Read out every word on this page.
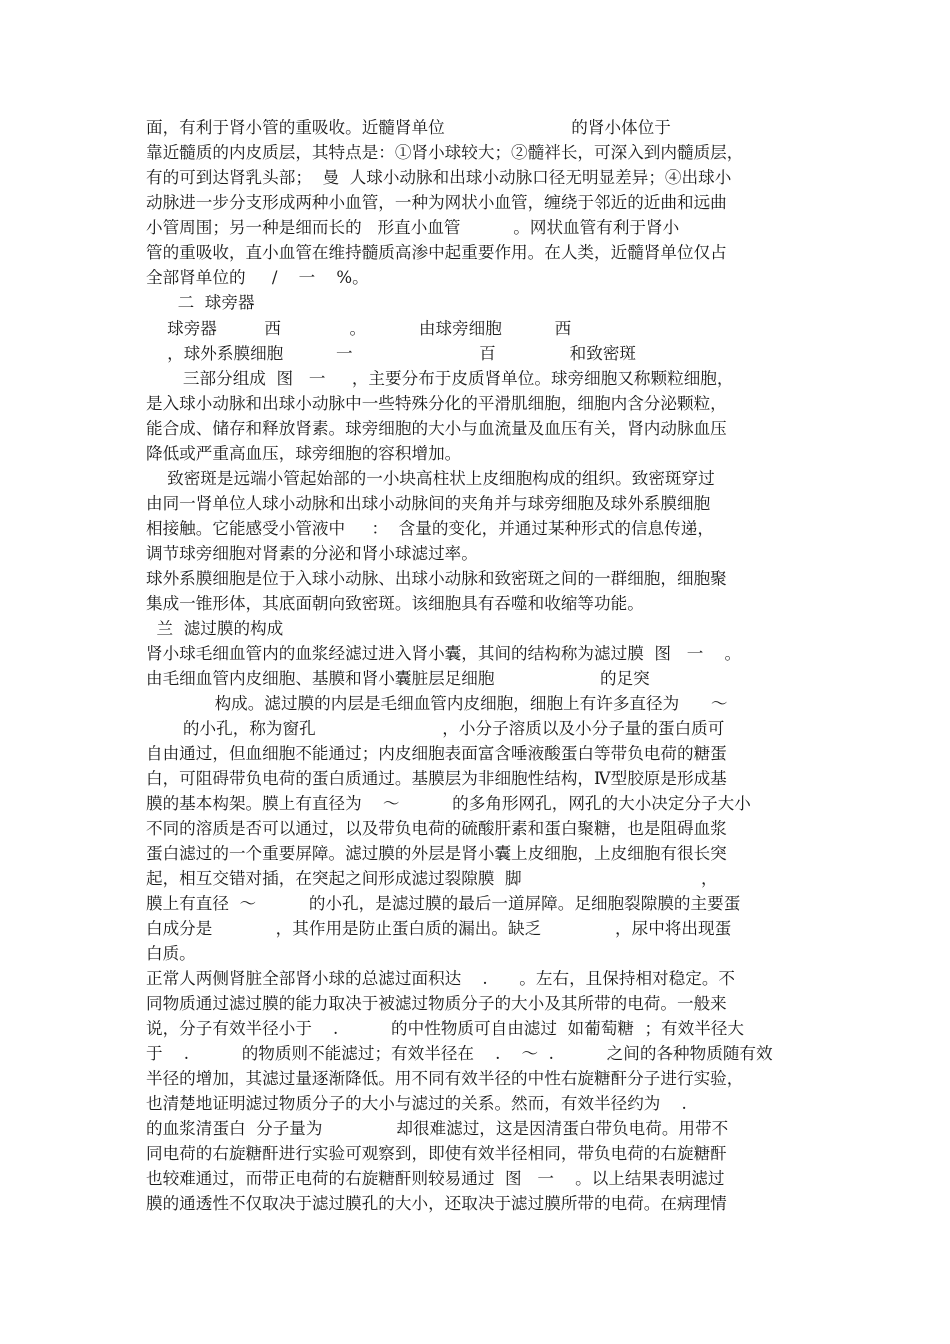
面，有利于肾小管的重吸收。近髓肾单位                        的肾小体位于
靠近髓质的内皮质层，其特点是：①肾小球较大；②髓袢长，可深入到内髓质层，
有的可到达肾乳头部；  曼  人球小动脉和出球小动脉口径无明显差异；④出球小
动脉进一步分支形成两种小血管，一种为网状小血管，缠绕于邻近的近曲和远曲
小管周围；另一种是细而长的   形直小血管          。网状血管有利于肾小
管的重吸收，直小血管在维持髓质高渗中起重要作用。在人类，近髓肾单位仅占
全部肾单位的     /    一    %。
二  球旁器
球旁器         西             。          由球旁细胞          西
，球外系膜细胞          一                        百              和致密斑
三部分组成  图   一     ，主要分布于皮质肾单位。球旁细胞又称颗粒细胞，
是入球小动脉和出球小动脉中一些特殊分化的平滑肌细胞，细胞内含分泌颗粒，
能合成、储存和释放肾素。球旁细胞的大小与血流量及血压有关，肾内动脉血压
降低或严重高血压，球旁细胞的容积增加。
致密斑是远端小管起始部的一小块高柱状上皮细胞构成的组织。致密斑穿过
由同一肾单位人球小动脉和出球小动脉间的夹角并与球旁细胞及球外系膜细胞
相接触。它能感受小管液中     ：  含量的变化，并通过某种形式的信息传递，
调节球旁细胞对肾素的分泌和肾小球滤过率。
球外系膜细胞是位于入球小动脉、出球小动脉和致密斑之间的一群细胞，细胞聚
集成一锥形体，其底面朝向致密斑。该细胞具有吞噬和收缩等功能。
兰  滤过膜的构成
肾小球毛细血管内的血浆经滤过进入肾小囊，其间的结构称为滤过膜  图   一    。
由毛细血管内皮细胞、基膜和肾小囊脏层足细胞                    的足突
构成。滤过膜的内层是毛细血管内皮细胞，细胞上有许多直径为      ～
的小孔，称为窗孔                        ，小分子溶质以及小分子量的蛋白质可
自由通过，但血细胞不能通过；内皮细胞表面富含唾液酸蛋白等带负电荷的糖蛋
白，可阻碍带负电荷的蛋白质通过。基膜层为非细胞性结构，Ⅳ型胶原是形成基
膜的基本构架。膜上有直径为    ～          的多角形网孔，网孔的大小决定分子大小
不同的溶质是否可以通过，以及带负电荷的硫酸肝素和蛋白聚糖，也是阻碍血浆
蛋白滤过的一个重要屏障。滤过膜的外层是肾小囊上皮细胞，上皮细胞有很长突
起，相互交错对插，在突起之间形成滤过裂隙膜  脚                                  ，
膜上有直径  ～          的小孔，是滤过膜的最后一道屏障。足细胞裂隙膜的主要蛋
白成分是            ，其作用是防止蛋白质的漏出。缺乏              ，尿中将出现蛋
白质。
正常人两侧肾脏全部肾小球的总滤过面积达    .      。左右，且保持相对稳定。不
同物质通过滤过膜的能力取决于被滤过物质分子的大小及其所带的电荷。一般来
说，分子有效半径小于    .          的中性物质可自由滤过  如葡萄糖  ；有效半径大
于    .          的物质则不能滤过；有效半径在    .    ～  .          之间的各种物质随有效
半径的增加，其滤过量逐渐降低。用不同有效半径的中性右旋糖酐分子进行实验，
也清楚地证明滤过物质分子的大小与滤过的关系。然而，有效半径约为    .
的血浆清蛋白  分子量为              却很难滤过，这是因清蛋白带负电荷。用带不
同电荷的右旋糖酐进行实验可观察到，即使有效半径相同，带负电荷的右旋糖酐
也较难通过，而带正电荷的右旋糖酐则较易通过  图   一    。以上结果表明滤过
膜的通透性不仅取决于滤过膜孔的大小，还取决于滤过膜所带的电荷。在病理情
